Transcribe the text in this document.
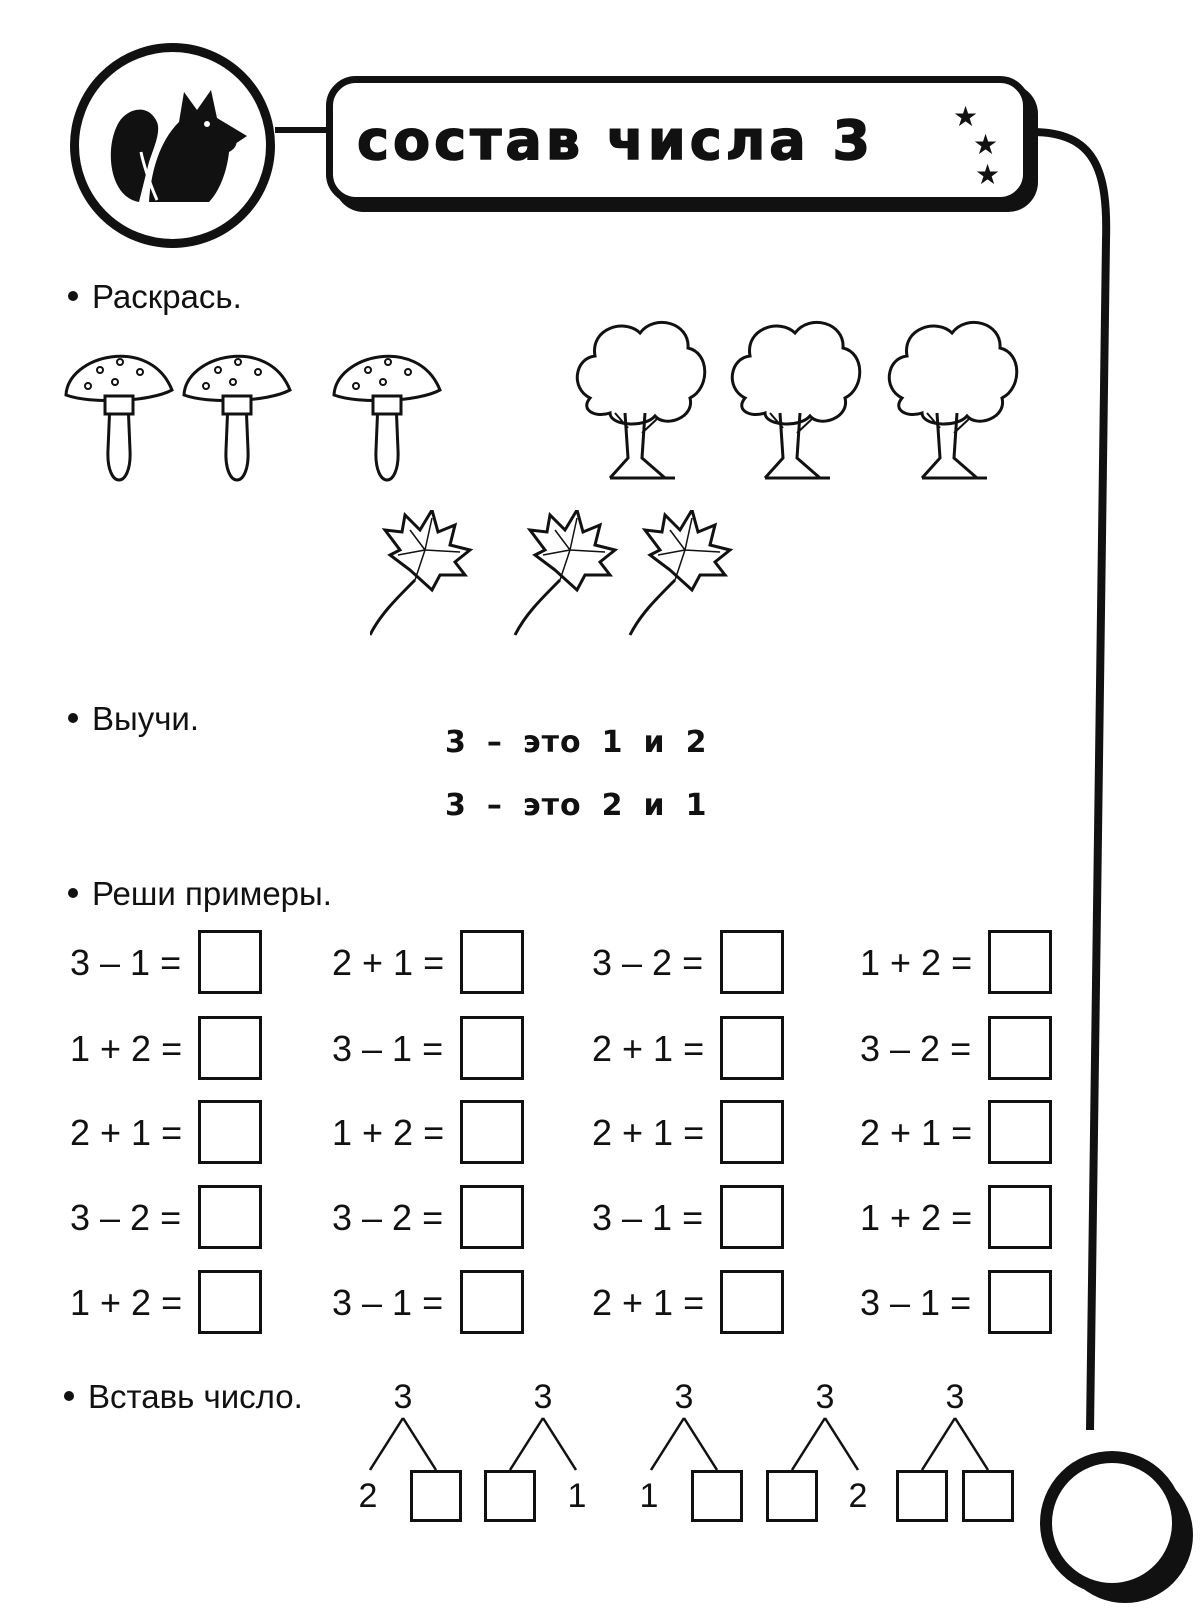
состав числа 3	★ ★
★
Раскрась.
Выучи.
3 – это 1 и 2
3 – это 2 и 1
Реши примеры.
3 – 1 =	2 + 1 =	3 – 2 =	1 + 2 =
1 + 2 =	3 – 1 =	2 + 1 =	3 – 2 =
2 + 1 =	1 + 2 =	2 + 1 =	2 + 1 =
3 – 2 =	3 – 2 =	3 – 1 =	1 + 2 =
1 + 2 =	3 – 1 =	2 + 1 =	3 – 1 =
Вставь число.	3
2
3
1
3
1
3
2
3
